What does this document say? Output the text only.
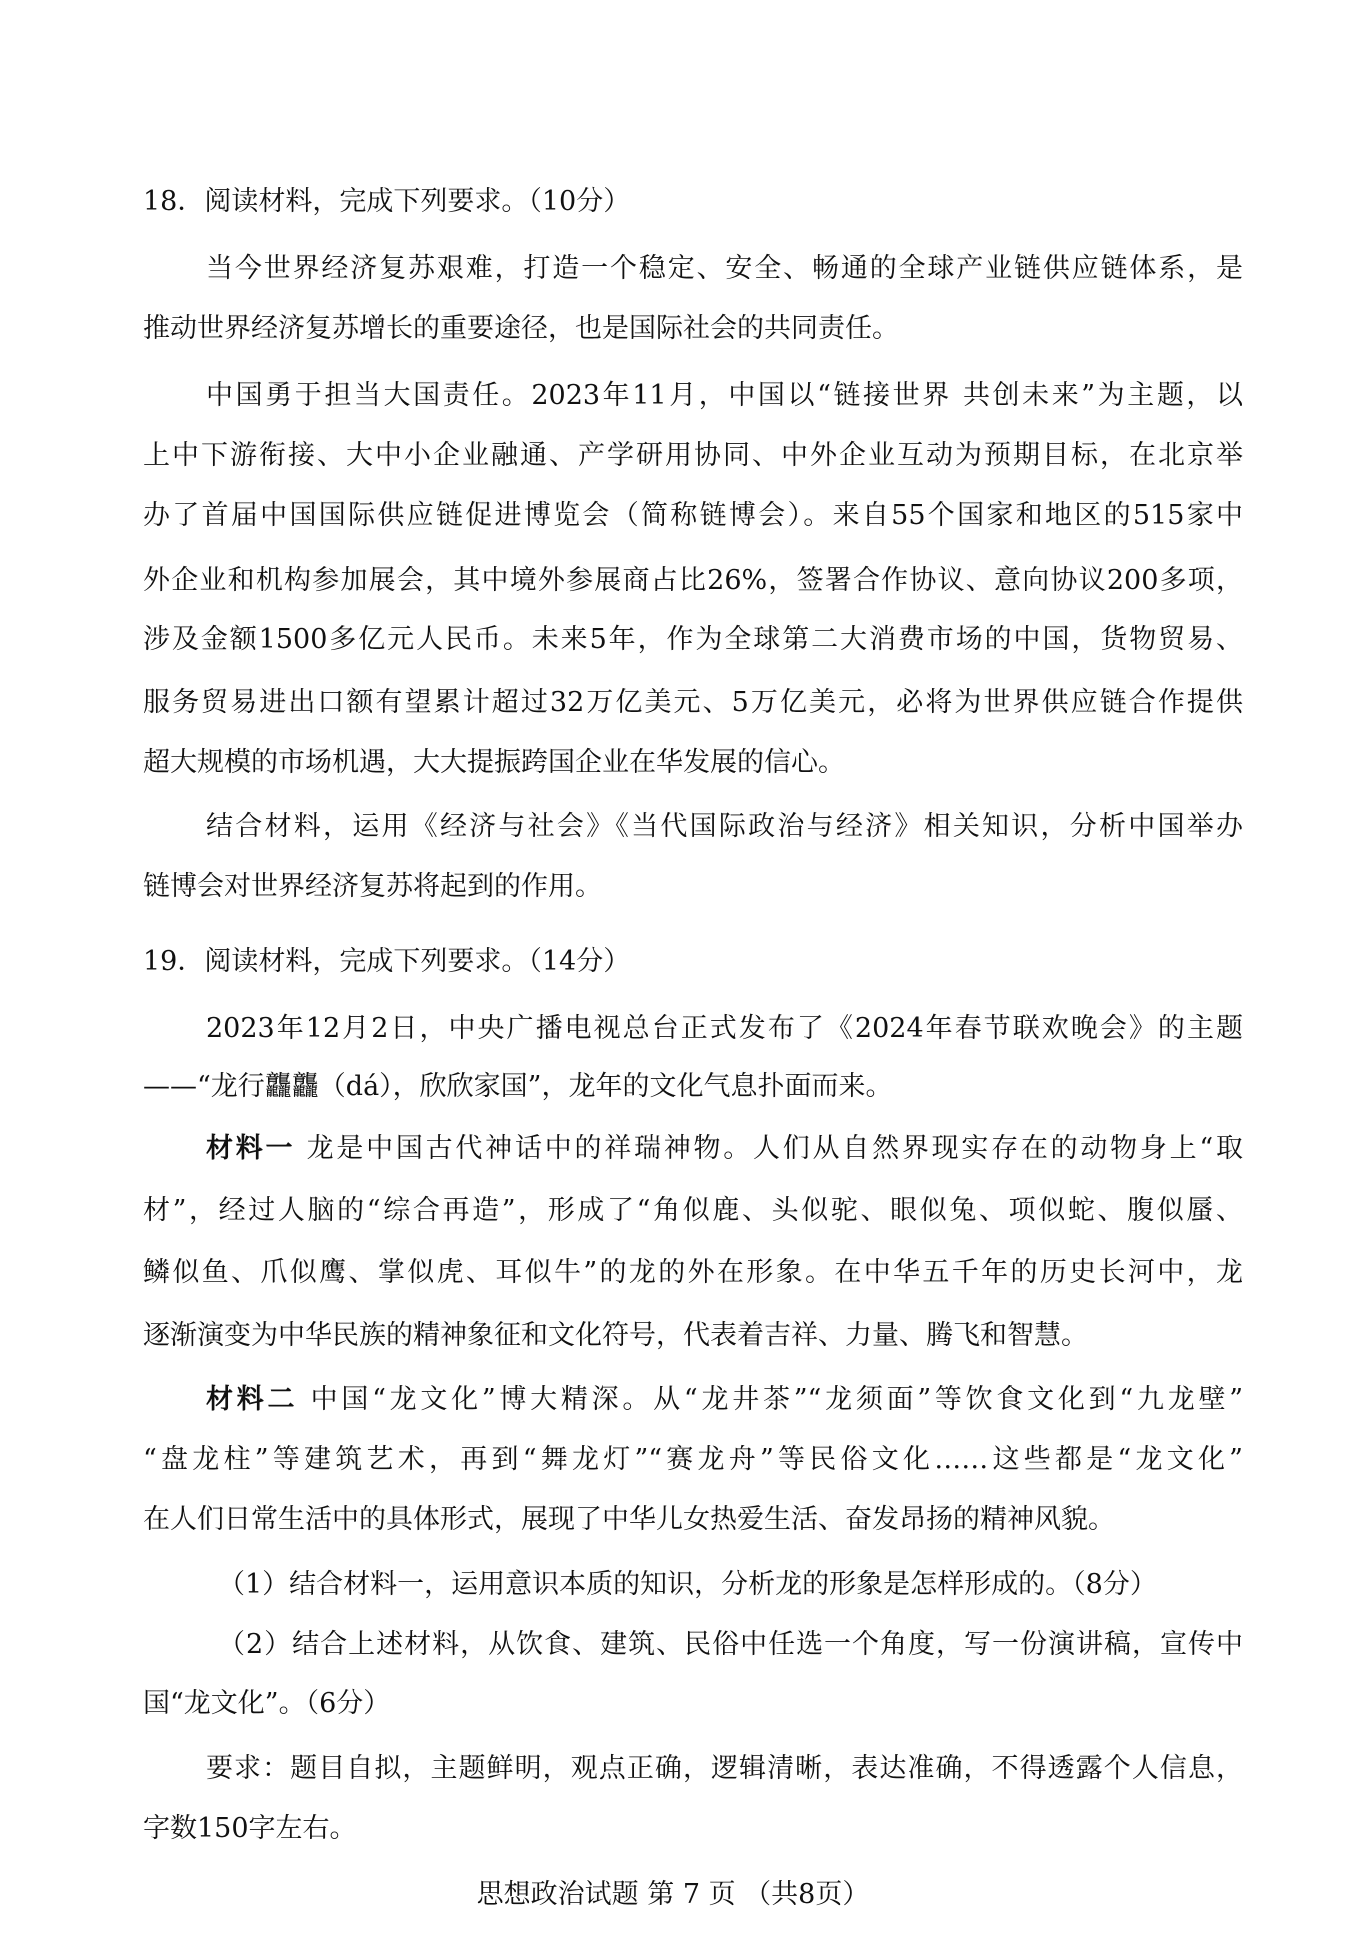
18．阅读材料，完成下列要求。（10分）
当今世界经济复苏艰难，打造一个稳定、安全、畅通的全球产业链供应链体系，是
推动世界经济复苏增长的重要途径，也是国际社会的共同责任。
中国勇于担当大国责任。2023年11月，中国以“链接世界 共创未来”为主题，以
上中下游衔接、大中小企业融通、产学研用协同、中外企业互动为预期目标，在北京举
办了首届中国国际供应链促进博览会（简称链博会）。来自55个国家和地区的515家中
外企业和机构参加展会，其中境外参展商占比26%，签署合作协议、意向协议200多项，
涉及金额1500多亿元人民币。未来5年，作为全球第二大消费市场的中国，货物贸易、
服务贸易进出口额有望累计超过32万亿美元、5万亿美元，必将为世界供应链合作提供
超大规模的市场机遇，大大提振跨国企业在华发展的信心。
结合材料，运用《经济与社会》《当代国际政治与经济》相关知识，分析中国举办
链博会对世界经济复苏将起到的作用。
19．阅读材料，完成下列要求。（14分）
2023年12月2日，中央广播电视总台正式发布了《2024年春节联欢晚会》的主题
——“龙行龘龘（dá），欣欣家国”，龙年的文化气息扑面而来。
材料一 龙是中国古代神话中的祥瑞神物。人们从自然界现实存在的动物身上“取
材”，经过人脑的“综合再造”，形成了“角似鹿、头似驼、眼似兔、项似蛇、腹似蜃、
鳞似鱼、爪似鹰、掌似虎、耳似牛”的龙的外在形象。在中华五千年的历史长河中，龙
逐渐演变为中华民族的精神象征和文化符号，代表着吉祥、力量、腾飞和智慧。
材料二 中国“龙文化”博大精深。从“龙井茶”“龙须面”等饮食文化到“九龙壁”
“盘龙柱”等建筑艺术，再到“舞龙灯”“赛龙舟”等民俗文化……这些都是“龙文化”
在人们日常生活中的具体形式，展现了中华儿女热爱生活、奋发昂扬的精神风貌。
（1）结合材料一，运用意识本质的知识，分析龙的形象是怎样形成的。（8分）
（2）结合上述材料，从饮食、建筑、民俗中任选一个角度，写一份演讲稿，宣传中
国“龙文化”。（6分）
要求：题目自拟，主题鲜明，观点正确，逻辑清晰，表达准确，不得透露个人信息，
字数150字左右。
思想政治试题 第 7 页 （共8页）
